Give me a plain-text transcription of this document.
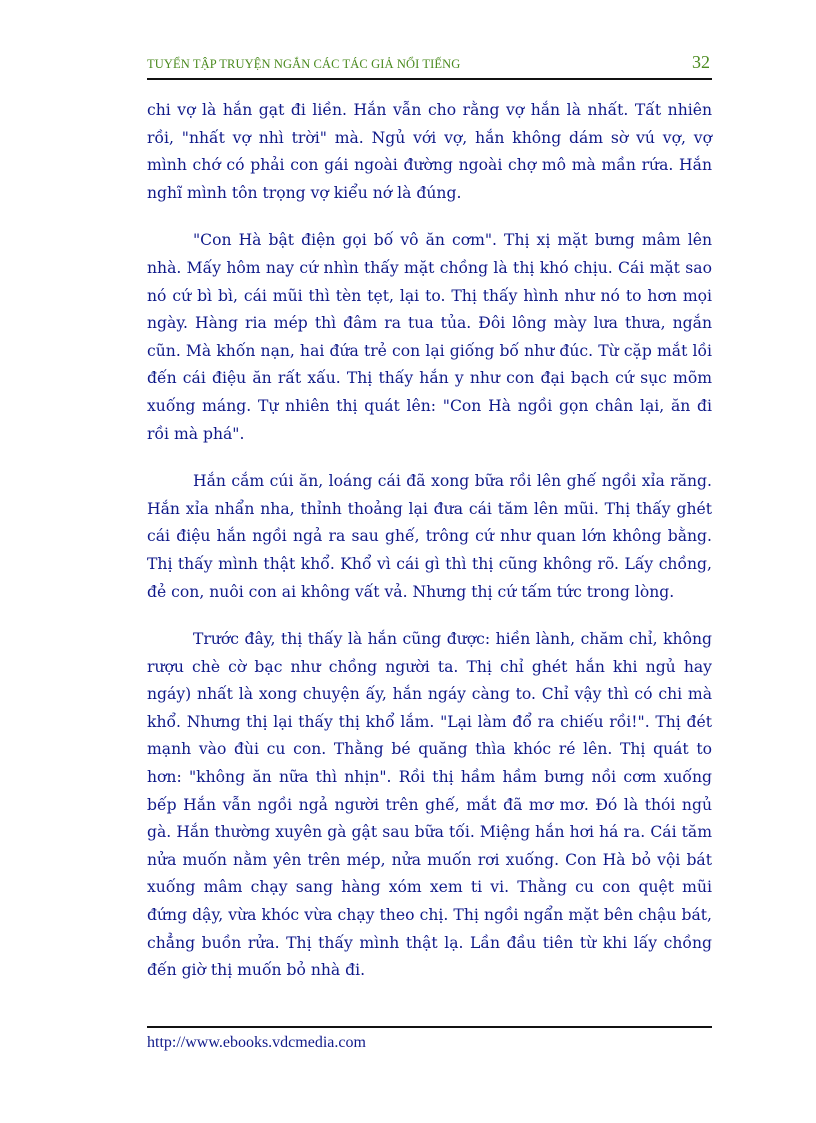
TUYỂN TẬP TRUYỆN NGẮN CÁC TÁC GIẢ NỔI TIẾNG	32

chi vợ là hắn gạt đi liền. Hắn vẫn cho rằng vợ hắn là nhất. Tất nhiên rồi, "nhất vợ nhì trời" mà. Ngủ với vợ, hắn không dám sờ vú vợ, vợ mình chớ có phải con gái ngoài đường ngoài chợ mô mà mần rứa. Hắn nghĩ mình tôn trọng vợ kiểu nớ là đúng.

"Con Hà bật điện gọi bố vô ăn cơm". Thị xị mặt bưng mâm lên nhà. Mấy hôm nay cứ nhìn thấy mặt chồng là thị khó chịu. Cái mặt sao nó cứ bì bì, cái mũi thì tèn tẹt, lại to. Thị thấy hình như nó to hơn mọi ngày. Hàng ria mép thì đâm ra tua tủa. Đôi lông mày lưa thưa, ngắn cũn. Mà khốn nạn, hai đứa trẻ con lại giống bố như đúc. Từ cặp mắt lồi đến cái điệu ăn rất xấu. Thị thấy hắn y như con đại bạch cứ sục mõm xuống máng. Tự nhiên thị quát lên: "Con Hà ngồi gọn chân lại, ăn đi rồi mà phá".

Hắn cắm cúi ăn, loáng cái đã xong bữa rồi lên ghế ngồi xỉa răng. Hắn xỉa nhẩn nha, thỉnh thoảng lại đưa cái tăm lên mũi. Thị thấy ghét cái điệu hắn ngồi ngả ra sau ghế, trông cứ như quan lớn không bằng. Thị thấy mình thật khổ. Khổ vì cái gì thì thị cũng không rõ. Lấy chồng, đẻ con, nuôi con ai không vất vả. Nhưng thị cứ tấm tức trong lòng.

Trước đây, thị thấy là hắn cũng được: hiền lành, chăm chỉ, không rượu chè cờ bạc như chồng người ta. Thị chỉ ghét hắn khi ngủ hay ngáy) nhất là xong chuyện ấy, hắn ngáy càng to. Chỉ vậy thì có chi mà khổ. Nhưng thị lại thấy thị khổ lắm. "Lại làm đổ ra chiếu rồi!". Thị đét mạnh vào đùi cu con. Thằng bé quăng thìa khóc ré lên. Thị quát to hơn: "không ăn nữa thì nhịn". Rồi thị hầm hầm bưng nồi cơm xuống bếp Hắn vẫn ngồi ngả người trên ghế, mắt đã mơ mơ. Đó là thói ngủ gà. Hắn thường xuyên gà gật sau bữa tối. Miệng hắn hơi há ra. Cái tăm nửa muốn nằm yên trên mép, nửa muốn rơi xuống. Con Hà bỏ vội bát xuống mâm chạy sang hàng xóm xem ti vi. Thằng cu con quệt mũi đứng dậy, vừa khóc vừa chạy theo chị. Thị ngồi ngẩn mặt bên chậu bát, chẳng buồn rửa. Thị thấy mình thật lạ. Lần đầu tiên từ khi lấy chồng đến giờ thị muốn bỏ nhà đi.

http://www.ebooks.vdcmedia.com
